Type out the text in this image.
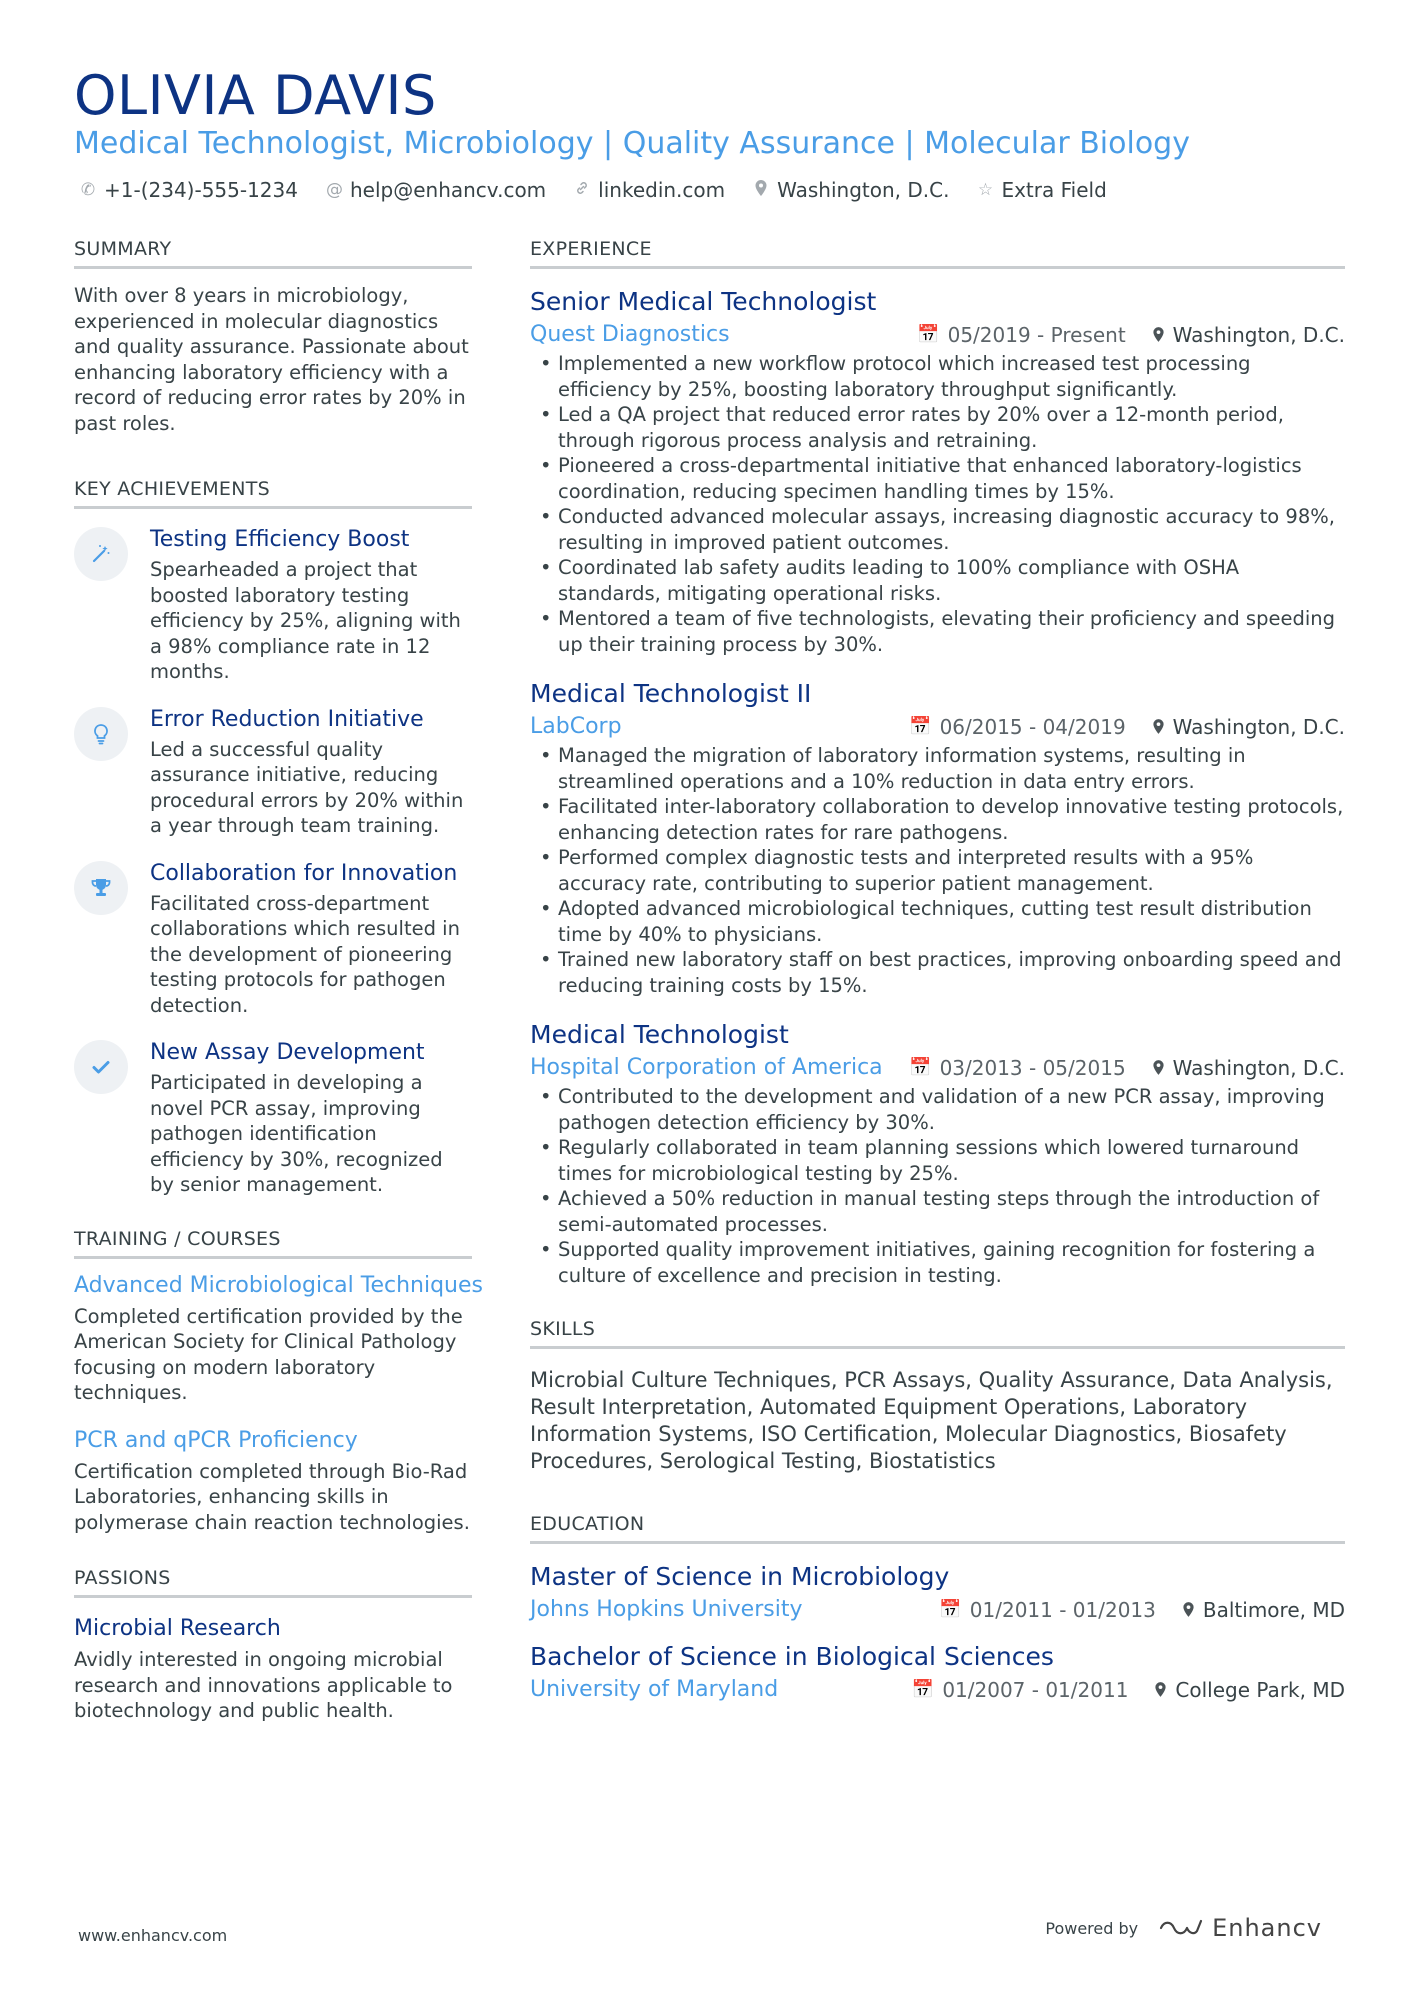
OLIVIA DAVIS
Medical Technologist, Microbiology | Quality Assurance | Molecular Biology
✆ +1-(234)-555-1234 @ help@enhancv.com	linkedin.com	Washington, D.C. ☆ Extra Field
SUMMARY
With over 8 years in microbiology, experienced in molecular diagnostics and quality assurance. Passionate about enhancing laboratory efficiency with a record of reducing error rates by 20% in past roles.
KEY ACHIEVEMENTS
Testing Efficiency Boost
Spearheaded a project that boosted laboratory testing efficiency by 25%, aligning with a 98% compliance rate in 12 months.
Error Reduction Initiative
Led a successful quality assurance initiative, reducing procedural errors by 20% within a year through team training.
Collaboration for Innovation
Facilitated cross-department collaborations which resulted in the development of pioneering testing protocols for pathogen detection.
New Assay Development
Participated in developing a novel PCR assay, improving pathogen identification efficiency by 30%, recognized by senior management.
TRAINING / COURSES
Advanced Microbiological Techniques
Completed certification provided by the American Society for Clinical Pathology focusing on modern laboratory techniques.
PCR and qPCR Proficiency
Certification completed through Bio-Rad Laboratories, enhancing skills in polymerase chain reaction technologies.
PASSIONS
Microbial Research
Avidly interested in ongoing microbial research and innovations applicable to biotechnology and public health.
EXPERIENCE
Senior Medical Technologist
Quest Diagnostics	📅 05/2019 - Present Washington, D.C.
• Implemented a new workflow protocol which increased test processing efficiency by 25%, boosting laboratory throughput significantly.
• Led a QA project that reduced error rates by 20% over a 12-month period, through rigorous process analysis and retraining.
• Pioneered a cross-departmental initiative that enhanced laboratory-logistics coordination, reducing specimen handling times by 15%.
• Conducted advanced molecular assays, increasing diagnostic accuracy to 98%, resulting in improved patient outcomes.
• Coordinated lab safety audits leading to 100% compliance with OSHA standards, mitigating operational risks.
• Mentored a team of five technologists, elevating their proficiency and speeding up their training process by 30%.
Medical Technologist II
LabCorp	📅 06/2015 - 04/2019 Washington, D.C.
• Managed the migration of laboratory information systems, resulting in streamlined operations and a 10% reduction in data entry errors.
• Facilitated inter-laboratory collaboration to develop innovative testing protocols, enhancing detection rates for rare pathogens.
• Performed complex diagnostic tests and interpreted results with a 95% accuracy rate, contributing to superior patient management.
• Adopted advanced microbiological techniques, cutting test result distribution time by 40% to physicians.
• Trained new laboratory staff on best practices, improving onboarding speed and reducing training costs by 15%.
Medical Technologist
Hospital Corporation of America	📅 03/2013 - 05/2015 Washington, D.C.
• Contributed to the development and validation of a new PCR assay, improving pathogen detection efficiency by 30%.
• Regularly collaborated in team planning sessions which lowered turnaround times for microbiological testing by 25%.
• Achieved a 50% reduction in manual testing steps through the introduction of semi-automated processes.
• Supported quality improvement initiatives, gaining recognition for fostering a culture of excellence and precision in testing.
SKILLS
Microbial Culture Techniques, PCR Assays, Quality Assurance, Data Analysis, Result Interpretation, Automated Equipment Operations, Laboratory Information Systems, ISO Certification, Molecular Diagnostics, Biosafety Procedures, Serological Testing, Biostatistics
EDUCATION
Master of Science in Microbiology
Johns Hopkins University	📅 01/2011 - 01/2013 Baltimore, MD
Bachelor of Science in Biological Sciences
University of Maryland	📅 01/2007 - 01/2011 College Park, MD
www.enhancv.com	Powered by	Enhancv
